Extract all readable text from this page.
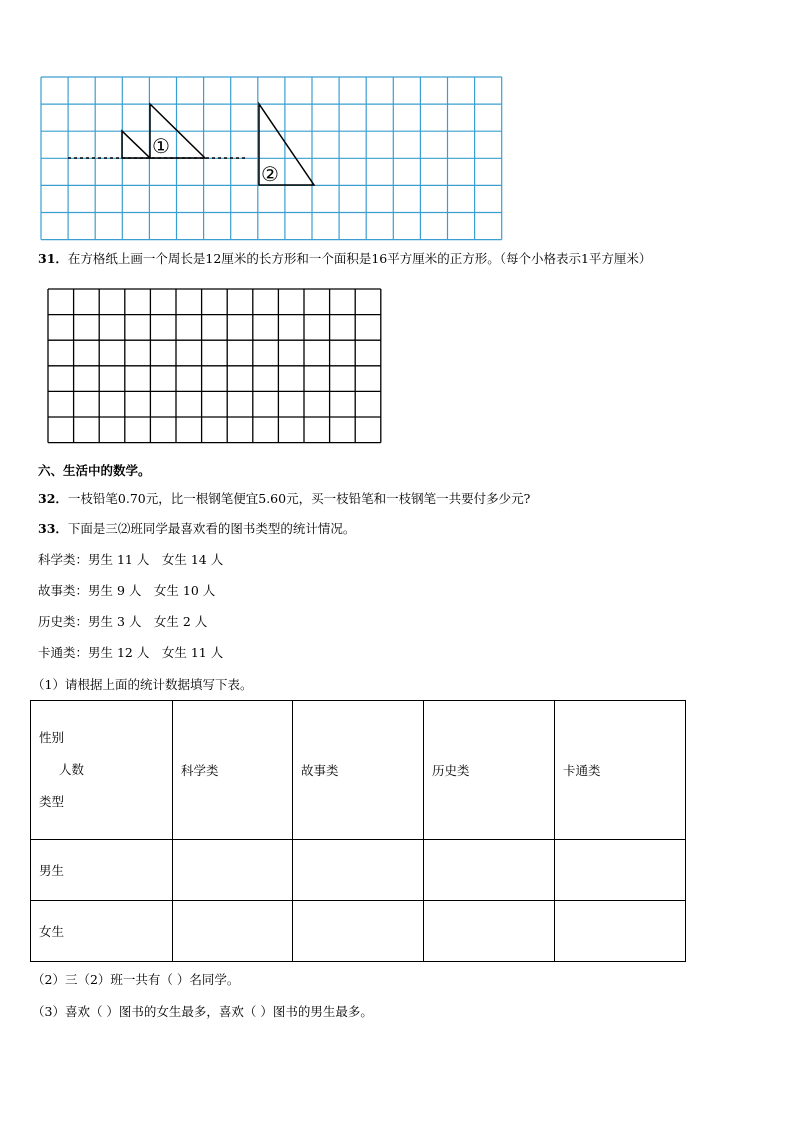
①
②
31．在方格纸上画一个周长是12厘米的长方形和一个面积是16平方厘米的正方形。（每个小格表示1平方厘米）
六、生活中的数学。
32．一枝铅笔0.70元，比一根钢笔便宜5.60元，买一枝铅笔和一枝钢笔一共要付多少元?
33．下面是三⑵班同学最喜欢看的图书类型的统计情况。
科学类：男生 11 人　女生 14 人
故事类：男生 9 人　女生 10 人
历史类：男生 3 人　女生 2 人
卡通类：男生 12 人　女生 11 人
（1）请根据上面的统计数据填写下表。
性别
人数
类型	科学类	故事类	历史类	卡通类
男生				
女生				
（2）三（2）班一共有（ ）名同学。
（3）喜欢（ ）图书的女生最多，喜欢（ ）图书的男生最多。
